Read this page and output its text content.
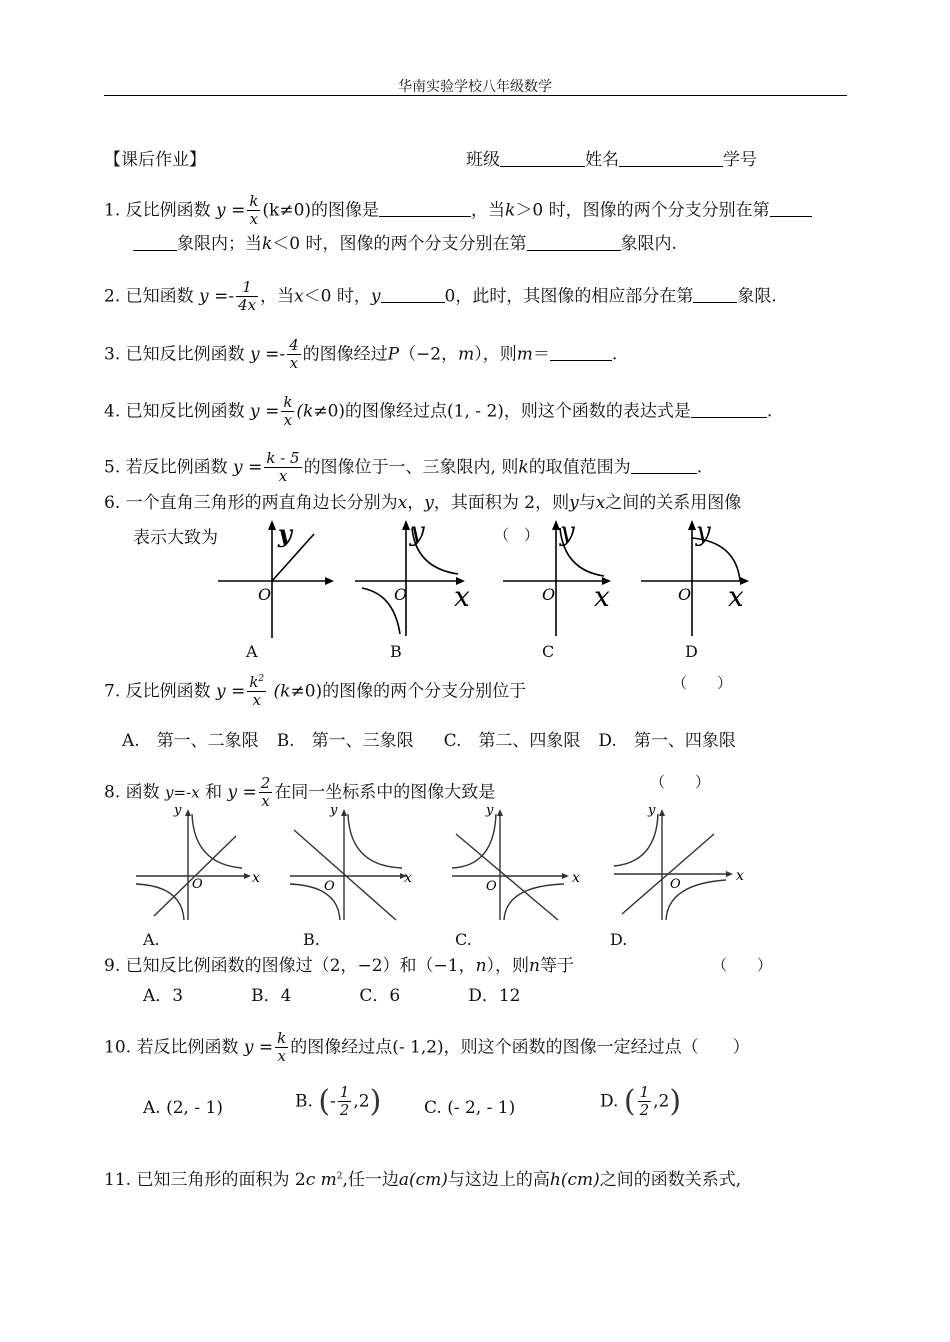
华南实验学校八年级数学
【课后作业】	班级	姓名	学号
1. 反比例函数 $y = \frac{k}{x} (k\ne 0)$的图像是	，当k＞0 时，图像的两个分支分别在第
象限内；当k＜0 时，图像的两个分支分别在第	象限内.
2. 已知函数 $y =- \frac{1}{4x}$ ，当x＜0 时，y	0，此时，其图像的相应部分在第	象限.
3. 已知反比例函数 $y =- \frac{4}{x}$ 的图像经过P（−2，m），则m＝	.
4. 已知反比例函数 $y = \frac{k}{x} (k\ne 0)$的图像经过点(1, - 2)，则这个函数的表达式是	.
5. 若反比例函数 $y = \frac{k - 5}{x}$ 的图像位于一、三象限内, 则k的取值范围为	.
6. 一个直角三角形的两直角边长分别为x，y，其面积为 2，则y与x之间的关系用图像
表示大致为	（　）
y
O
y
x
O
y
x
O
y
x
O
A	B	C	D
7. 反比例函数 $y = \frac{k^2}{x} (k\ne 0)$的图像的两个分支分别位于	（　　）
A.　第一、二象限 B.　第一、三象限 C.　第二、四象限 D.　第一、四象限
8. 函数 y=-x 和 $y = \frac{2}{x}$ 在同一坐标系中的图像大致是
（　　）
y
x
O
y
x
O
y
x
O
y
x
O
A.	B.	C.	D.
9. 已知反比例函数的图像过（2，−2）和（−1，n），则n等于	（　　）
A．3	B．4	C．6	D．12
10. 若反比例函数 $y = \frac{k}{x}$ 的图像经过点(- 1,2)，则这个函数的图像一定经过点（　　）
A. (2, - 1)	B. (- $\frac{1}{2} ,2$)	C. (- 2, - 1)	D. ( $\frac{1}{2} ,2$)
11. 已知三角形的面积为 2c $m^2$,任一边a(cm)与这边上的高h(cm)之间的函数关系式,
